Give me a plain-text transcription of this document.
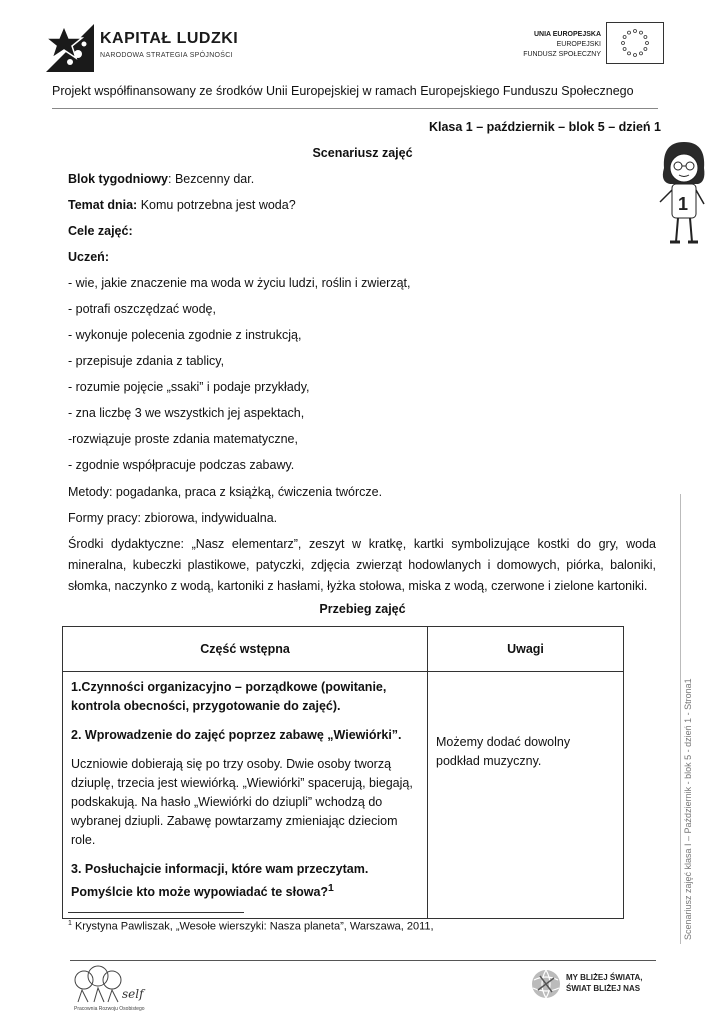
KAPITAŁ LUDZKI
NARODOWA STRATEGIA SPÓJNOŚCI
UNIA EUROPEJSKA
EUROPEJSKI
FUNDUSZ SPOŁECZNY
Projekt współfinansowany ze środków Unii Europejskiej w ramach Europejskiego Funduszu Społecznego
1
Klasa 1 – październik – blok 5 – dzień 1
Scenariusz zajęć
Blok tygodniowy: Bezcenny dar.
Temat dnia: Komu potrzebna jest woda?
Cele zajęć:
Uczeń:
- wie, jakie znaczenie ma woda w życiu ludzi, roślin i zwierząt,
- potrafi oszczędzać wodę,
- wykonuje polecenia zgodnie z instrukcją,
- przepisuje zdania z tablicy,
- rozumie pojęcie „ssaki” i podaje przykłady,
- zna liczbę 3 we wszystkich jej aspektach,
-rozwiązuje proste zdania matematyczne,
- zgodnie współpracuje podczas zabawy.
Metody: pogadanka, praca z książką, ćwiczenia twórcze.
Formy pracy: zbiorowa, indywidualna.
Środki dydaktyczne: „Nasz elementarz”, zeszyt w kratkę, kartki symbolizujące kostki do gry, woda mineralna, kubeczki plastikowe, patyczki, zdjęcia zwierząt hodowlanych i domowych, piórka, baloniki, słomka, naczynko z wodą, kartoniki z hasłami, łyżka stołowa, miska z wodą, czerwone i zielone kartoniki.
Przebieg zajęć
Część wstępna	Uwagi

1.Czynności organizacyjno – porządkowe (powitanie, kontrola obecności, przygotowanie do zajęć).

2. Wprowadzenie do zajęć poprzez zabawę „Wiewiórki”.

Uczniowie dobierają się po trzy osoby. Dwie osoby tworzą dziuplę, trzecia jest wiewiórką. „Wiewiórki” spacerują, biegają, podskakują. Na hasło „Wiewiórki do dziupli” wchodzą do wybranej dziupli. Zabawę powtarzamy zmieniając dzieciom role.

3. Posłuchajcie informacji, które wam przeczytam. Pomyślcie kto może wypowiadać te słowa?$^1$	Możemy dodać dowolny podkład muzyczny.
$^1$ Krystyna Pawliszak, „Wesołe wierszyki: Nasza planeta”, Warszawa, 2011,	Scenariusz zajęć klasa I – Październik - blok 5 - dzień 1 - Strona1
self
Pracownia Rozwoju Osobistego
MY BLIŻEJ ŚWIATA,
ŚWIAT BLIŻEJ NAS
